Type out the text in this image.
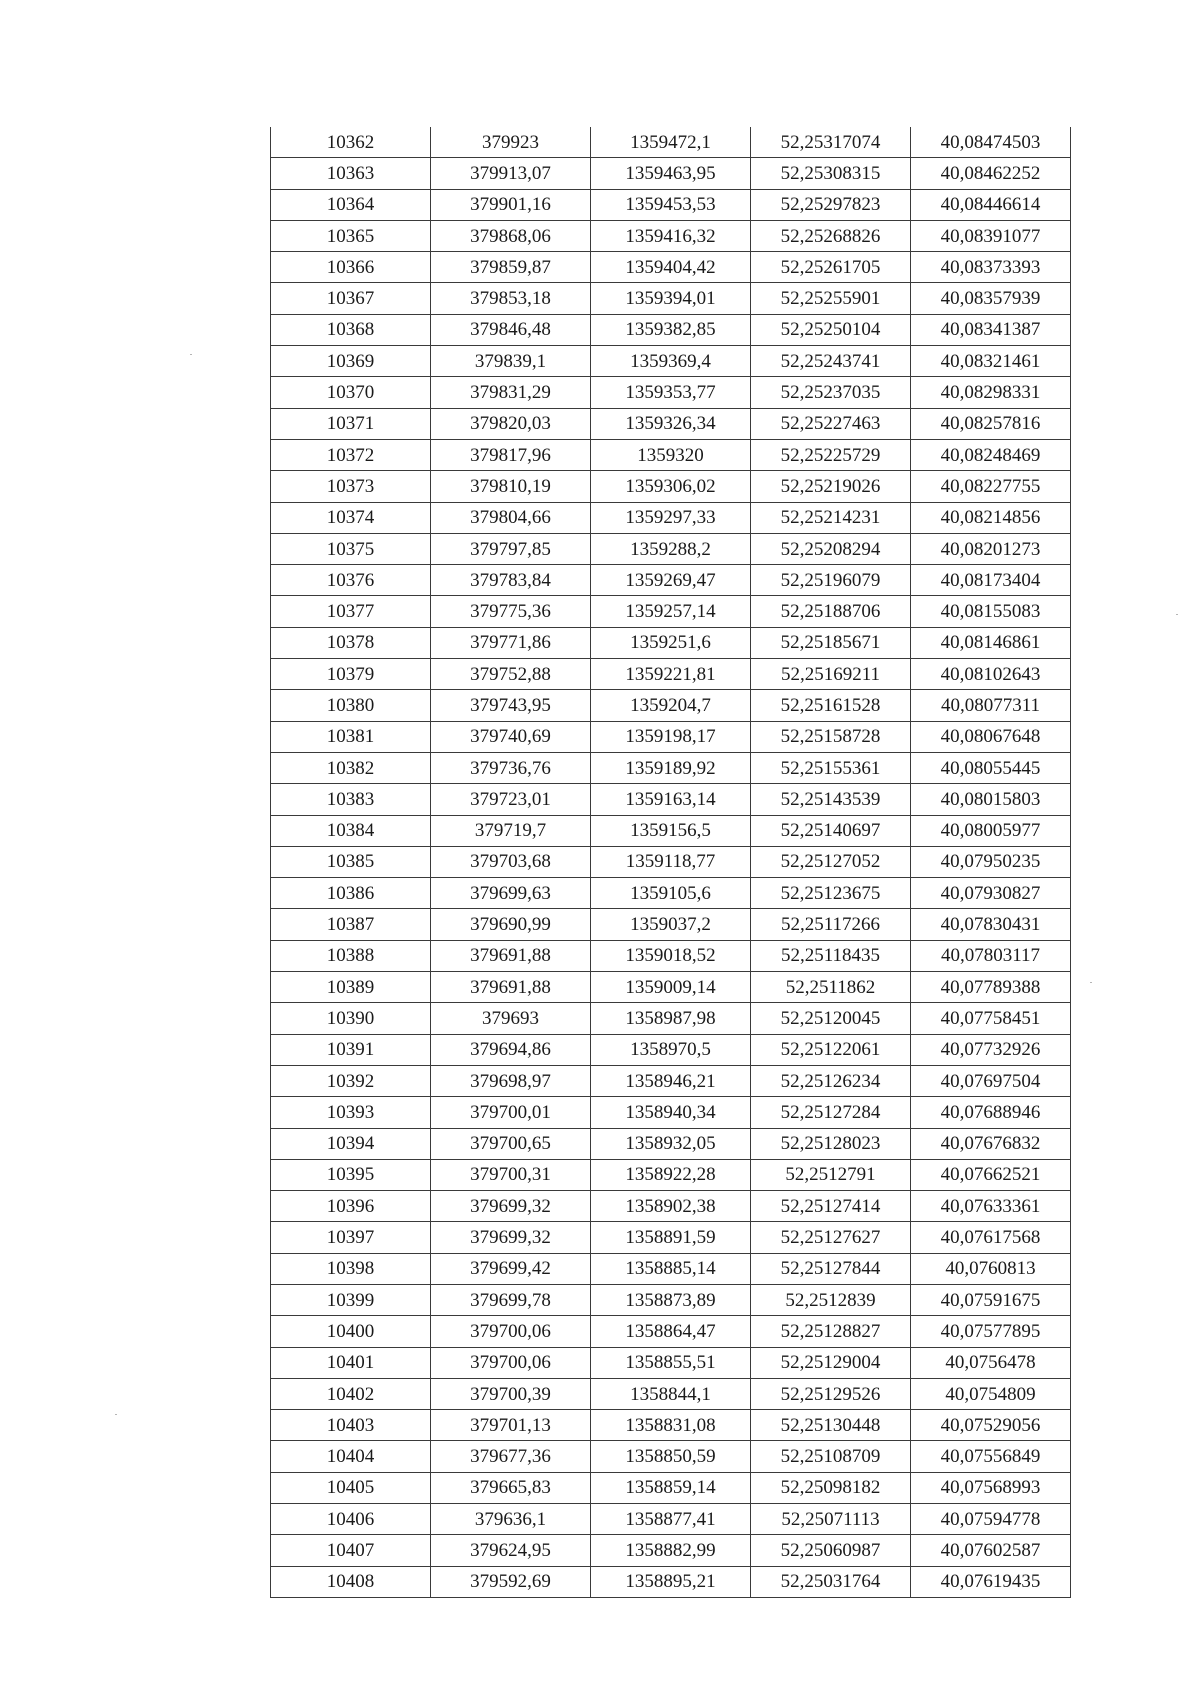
10362	379923	1359472,1	52,25317074	40,08474503
10363	379913,07	1359463,95	52,25308315	40,08462252
10364	379901,16	1359453,53	52,25297823	40,08446614
10365	379868,06	1359416,32	52,25268826	40,08391077
10366	379859,87	1359404,42	52,25261705	40,08373393
10367	379853,18	1359394,01	52,25255901	40,08357939
10368	379846,48	1359382,85	52,25250104	40,08341387
10369	379839,1	1359369,4	52,25243741	40,08321461
10370	379831,29	1359353,77	52,25237035	40,08298331
10371	379820,03	1359326,34	52,25227463	40,08257816
10372	379817,96	1359320	52,25225729	40,08248469
10373	379810,19	1359306,02	52,25219026	40,08227755
10374	379804,66	1359297,33	52,25214231	40,08214856
10375	379797,85	1359288,2	52,25208294	40,08201273
10376	379783,84	1359269,47	52,25196079	40,08173404
10377	379775,36	1359257,14	52,25188706	40,08155083
10378	379771,86	1359251,6	52,25185671	40,08146861
10379	379752,88	1359221,81	52,25169211	40,08102643
10380	379743,95	1359204,7	52,25161528	40,08077311
10381	379740,69	1359198,17	52,25158728	40,08067648
10382	379736,76	1359189,92	52,25155361	40,08055445
10383	379723,01	1359163,14	52,25143539	40,08015803
10384	379719,7	1359156,5	52,25140697	40,08005977
10385	379703,68	1359118,77	52,25127052	40,07950235
10386	379699,63	1359105,6	52,25123675	40,07930827
10387	379690,99	1359037,2	52,25117266	40,07830431
10388	379691,88	1359018,52	52,25118435	40,07803117
10389	379691,88	1359009,14	52,2511862	40,07789388
10390	379693	1358987,98	52,25120045	40,07758451
10391	379694,86	1358970,5	52,25122061	40,07732926
10392	379698,97	1358946,21	52,25126234	40,07697504
10393	379700,01	1358940,34	52,25127284	40,07688946
10394	379700,65	1358932,05	52,25128023	40,07676832
10395	379700,31	1358922,28	52,2512791	40,07662521
10396	379699,32	1358902,38	52,25127414	40,07633361
10397	379699,32	1358891,59	52,25127627	40,07617568
10398	379699,42	1358885,14	52,25127844	40,0760813
10399	379699,78	1358873,89	52,2512839	40,07591675
10400	379700,06	1358864,47	52,25128827	40,07577895
10401	379700,06	1358855,51	52,25129004	40,0756478
10402	379700,39	1358844,1	52,25129526	40,0754809
10403	379701,13	1358831,08	52,25130448	40,07529056
10404	379677,36	1358850,59	52,25108709	40,07556849
10405	379665,83	1358859,14	52,25098182	40,07568993
10406	379636,1	1358877,41	52,25071113	40,07594778
10407	379624,95	1358882,99	52,25060987	40,07602587
10408	379592,69	1358895,21	52,25031764	40,07619435
